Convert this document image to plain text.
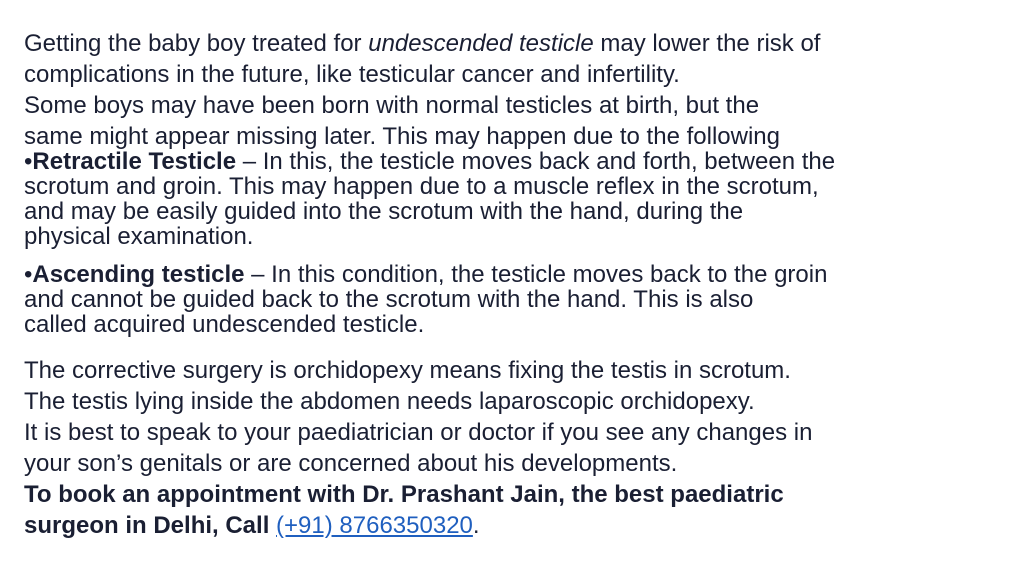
Getting the baby boy treated for undescended testicle may lower the risk of
complications in the future, like testicular cancer and infertility.
Some boys may have been born with normal testicles at birth, but the
same might appear missing later. This may happen due to the following

•Retractile Testicle – In this, the testicle moves back and forth, between the
scrotum and groin. This may happen due to a muscle reflex in the scrotum,
and may be easily guided into the scrotum with the hand, during the
physical examination.

•Ascending testicle – In this condition, the testicle moves back to the groin
and cannot be guided back to the scrotum with the hand. This is also
called acquired undescended testicle.

The corrective surgery is orchidopexy means fixing the testis in scrotum.
The testis lying inside the abdomen needs laparoscopic orchidopexy.
It is best to speak to your paediatrician or doctor if you see any changes in
your son’s genitals or are concerned about his developments.
To book an appointment with Dr. Prashant Jain, the best paediatric
surgeon in Delhi, Call (+91) 8766350320.
